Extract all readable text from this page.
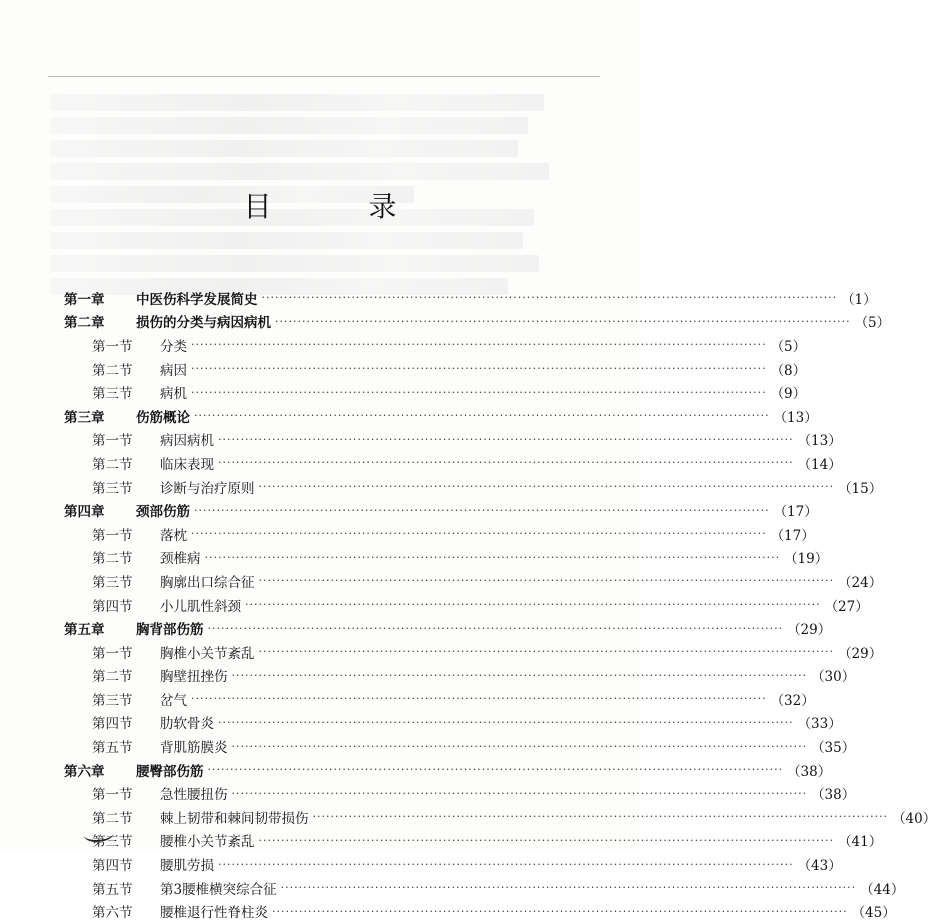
目 录
第一章	中医伤科学发展简史 ·····	（1）
第二章	损伤的分类与病因病机 ·····	（5）
第一节	分类 ·····	（5）
第二节	病因 ·····	（8）
第三节	病机 ·····	（9）
第三章	伤筋概论 ·····	（13）
第一节	病因病机 ·····	（13）
第二节	临床表现 ·····	（14）
第三节	诊断与治疗原则 ·····	（15）
第四章	颈部伤筋 ·····	（17）
第一节	落枕 ·····	（17）
第二节	颈椎病 ·····	（19）
第三节	胸廓出口综合征 ·····	（24）
第四节	小儿肌性斜颈 ·····	（27）
第五章	胸背部伤筋 ·····	（29）
第一节	胸椎小关节紊乱 ·····	（29）
第二节	胸壁扭挫伤 ·····	（30）
第三节	岔气 ·····	（32）
第四节	肋软骨炎 ·····	（33）
第五节	背肌筋膜炎 ·····	（35）
第六章	腰臀部伤筋 ·····	（38）
第一节	急性腰扭伤 ·····	（38）
第二节	棘上韧带和棘间韧带损伤 ·····	（40）
第三节	腰椎小关节紊乱 ·····	（41）
第四节	腰肌劳损 ·····	（43）
第五节	第3腰椎横突综合征 ·····	（44）
第六节	腰椎退行性脊柱炎 ·····	（45）
